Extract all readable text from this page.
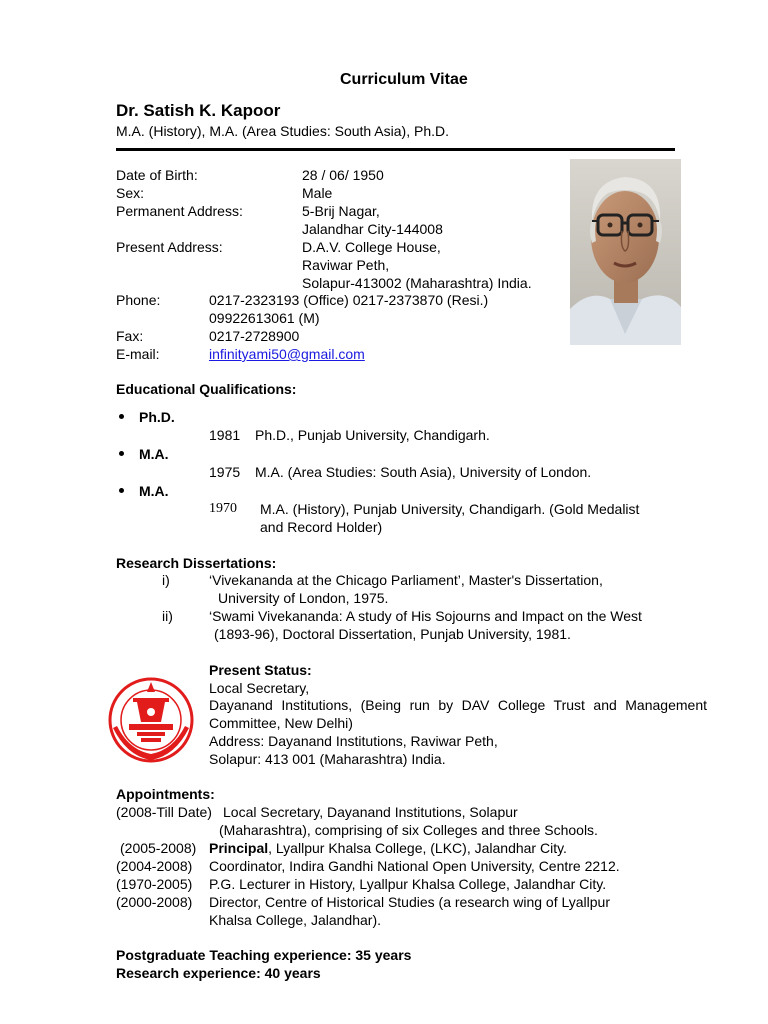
Curriculum Vitae
Dr. Satish K. Kapoor
M.A. (History), M.A. (Area Studies: South Asia), Ph.D.
Date of Birth:	28 / 06/ 1950
Sex:	Male
Permanent Address:	5-Brij Nagar,
Jalandhar City-144008
Present Address:	D.A.V. College House,
Raviwar Peth,
Solapur-413002 (Maharashtra) India.
Phone:	0217-2323193 (Office) 0217-2373870 (Resi.)
09922613061 (M)
Fax:	0217-2728900
E-mail:	infinityami50@gmail.com
Educational Qualifications:
Ph.D.
1981 Ph.D., Punjab University, Chandigarh.
M.A.
1975 M.A. (Area Studies: South Asia), University of London.
M.A.
1970 M.A. (History), Punjab University, Chandigarh. (Gold Medalist
and Record Holder)
Research Dissertations:
i)	‘Vivekananda at the Chicago Parliament’, Master's Dissertation,
University of London, 1975.
ii)	‘Swami Vivekananda: A study of His Sojourns and Impact on the West
(1893-96), Doctoral Dissertation, Punjab University, 1981.
Present Status:
Local Secretary,
Dayanand Institutions, (Being run by DAV College Trust and Management Committee, New Delhi)
Address: Dayanand Institutions, Raviwar Peth,
Solapur: 413 001 (Maharashtra) India.
Appointments:
(2008-Till Date) Local Secretary, Dayanand Institutions, Solapur
(Maharashtra), comprising of six Colleges and three Schools.
(2005-2008) Principal, Lyallpur Khalsa College, (LKC), Jalandhar City.
(2004-2008) Coordinator, Indira Gandhi National Open University, Centre 2212.
(1970-2005) P.G. Lecturer in History, Lyallpur Khalsa College, Jalandhar City.
(2000-2008) Director, Centre of Historical Studies (a research wing of Lyallpur
Khalsa College, Jalandhar).
Postgraduate Teaching experience: 35 years
Research experience: 40 years
